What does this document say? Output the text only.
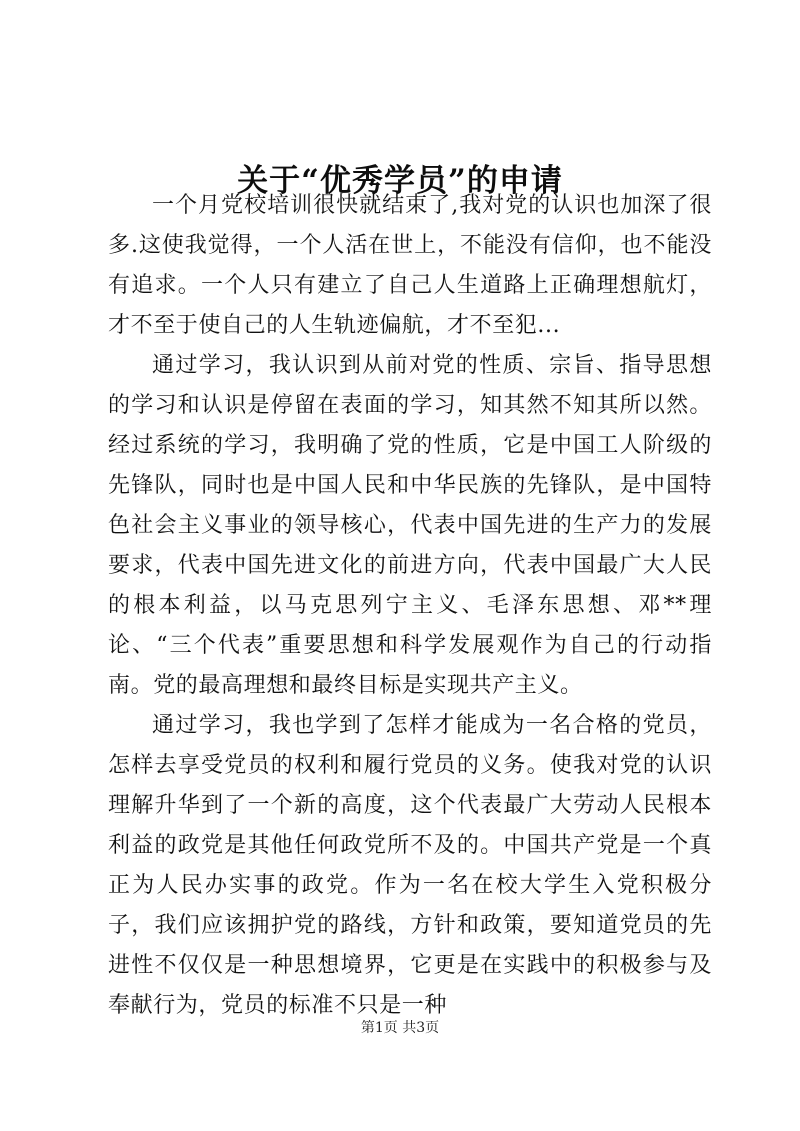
关于“优秀学员”的申请

一个月党校培训很快就结束了,我对党的认识也加深了很多.这使我觉得，一个人活在世上，不能没有信仰，也不能没有追求。一个人只有建立了自己人生道路上正确理想航灯，才不至于使自己的人生轨迹偏航，才不至犯...

通过学习，我认识到从前对党的性质、宗旨、指导思想的学习和认识是停留在表面的学习，知其然不知其所以然。经过系统的学习，我明确了党的性质，它是中国工人阶级的先锋队，同时也是中国人民和中华民族的先锋队，是中国特色社会主义事业的领导核心，代表中国先进的生产力的发展要求，代表中国先进文化的前进方向，代表中国最广大人民的根本利益，以马克思列宁主义、毛泽东思想、邓**理论、“三个代表”重要思想和科学发展观作为自己的行动指南。党的最高理想和最终目标是实现共产主义。

通过学习，我也学到了怎样才能成为一名合格的党员，怎样去享受党员的权利和履行党员的义务。使我对党的认识理解升华到了一个新的高度，这个代表最广大劳动人民根本利益的政党是其他任何政党所不及的。中国共产党是一个真正为人民办实事的政党。作为一名在校大学生入党积极分子，我们应该拥护党的路线，方针和政策，要知道党员的先进性不仅仅是一种思想境界，它更是在实践中的积极参与及奉献行为，党员的标准不只是一种

第1页 共3页
